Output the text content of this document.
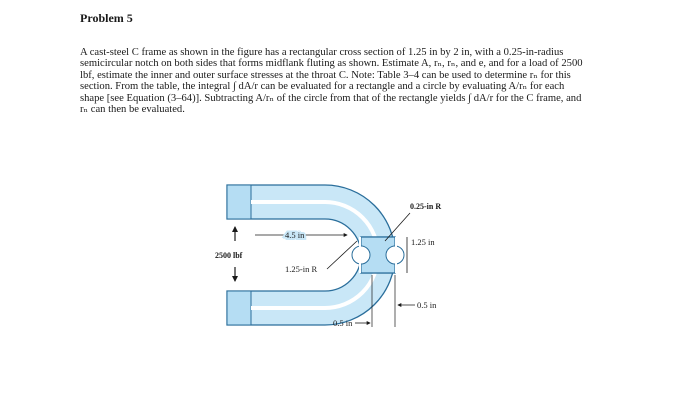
Problem 5
A cast-steel C frame as shown in the figure has a rectangular cross section of 1.25 in by 2 in, with a 0.25-in-radius
semicircular notch on both sides that forms midflank fluting as shown. Estimate A, rₙ, rₙ, and e, and for a load of 2500
lbf, estimate the inner and outer surface stresses at the throat C. Note: Table 3–4 can be used to determine rₙ for this
section. From the table, the integral ∫ dA/r can be evaluated for a rectangle and a circle by evaluating A/rₙ for each
shape [see Equation (3–64)]. Subtracting A/rₙ of the circle from that of the rectangle yields ∫ dA/r for the C frame, and
rₙ can then be evaluated.
2500 lbf
4.5 in
1.25-in R
0.25-in R
1.25 in
0.5 in
0.5 in
